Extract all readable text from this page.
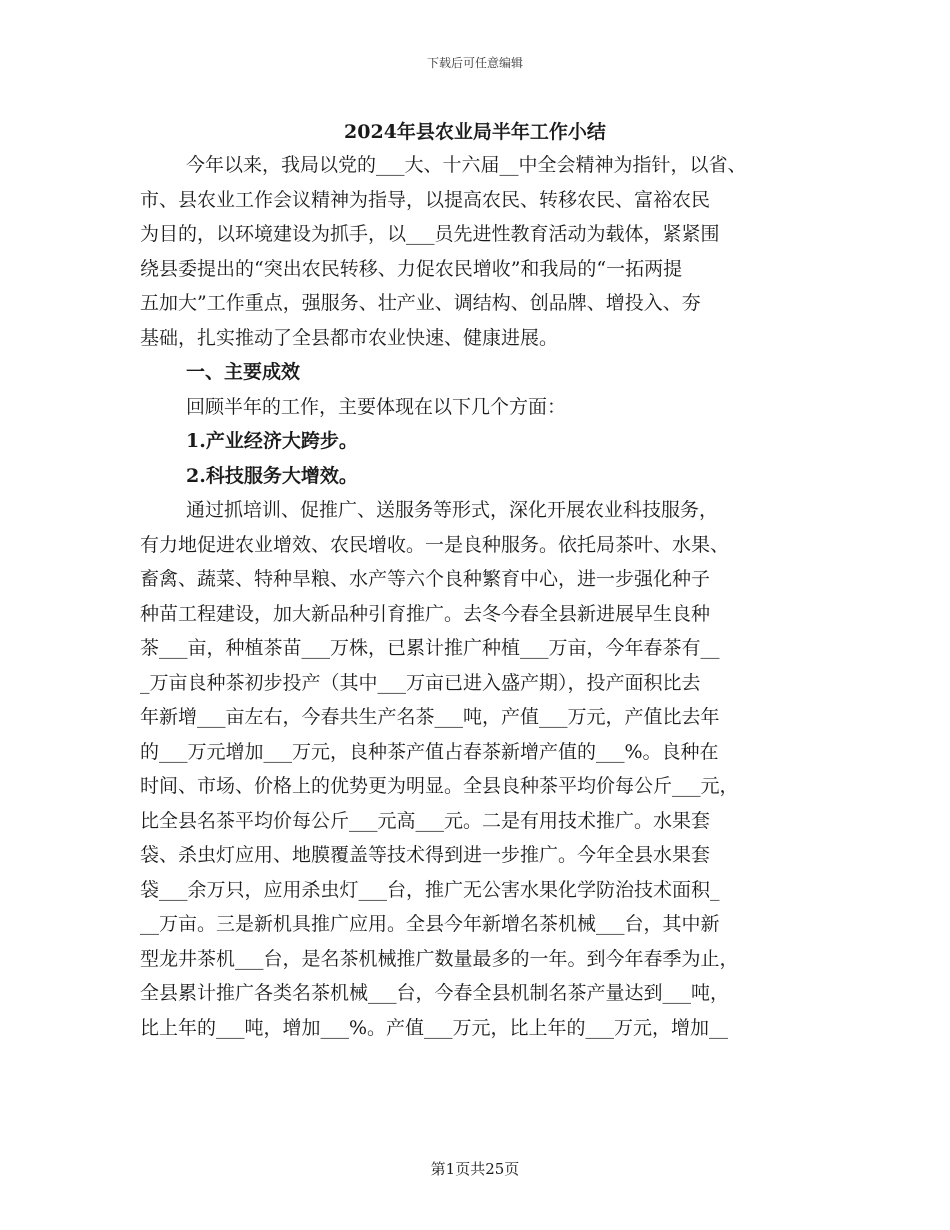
下载后可任意编辑
2024年县农业局半年工作小结
今年以来，我局以党的___大、十六届__中全会精神为指针，以省、
市、县农业工作会议精神为指导，以提高农民、转移农民、富裕农民
为目的，以环境建设为抓手，以___员先进性教育活动为载体，紧紧围
绕县委提出的“突出农民转移、力促农民增收”和我局的“一拓两提
五加大”工作重点，强服务、壮产业、调结构、创品牌、增投入、夯
基础，扎实推动了全县都市农业快速、健康进展。
一、主要成效
回顾半年的工作，主要体现在以下几个方面：
1.产业经济大跨步。
2.科技服务大增效。
通过抓培训、促推广、送服务等形式，深化开展农业科技服务，
有力地促进农业增效、农民增收。一是良种服务。依托局茶叶、水果、
畜禽、蔬菜、特种旱粮、水产等六个良种繁育中心，进一步强化种子
种苗工程建设，加大新品种引育推广。去冬今春全县新进展早生良种
茶___亩，种植茶苗___万株，已累计推广种植___万亩，今年春茶有__
_万亩良种茶初步投产（其中___万亩已进入盛产期），投产面积比去
年新增___亩左右，今春共生产名茶___吨，产值___万元，产值比去年
的___万元增加___万元，良种茶产值占春茶新增产值的___%。良种在
时间、市场、价格上的优势更为明显。全县良种茶平均价每公斤___元，
比全县名茶平均价每公斤___元高___元。二是有用技术推广。水果套
袋、杀虫灯应用、地膜覆盖等技术得到进一步推广。今年全县水果套
袋___余万只，应用杀虫灯___台，推广无公害水果化学防治技术面积_
__万亩。三是新机具推广应用。全县今年新增名茶机械___台，其中新
型龙井茶机___台，是名茶机械推广数量最多的一年。到今年春季为止，
全县累计推广各类名茶机械___台，今春全县机制名茶产量达到___吨，
比上年的___吨，增加___%。产值___万元，比上年的___万元，增加__
第1页共25页
